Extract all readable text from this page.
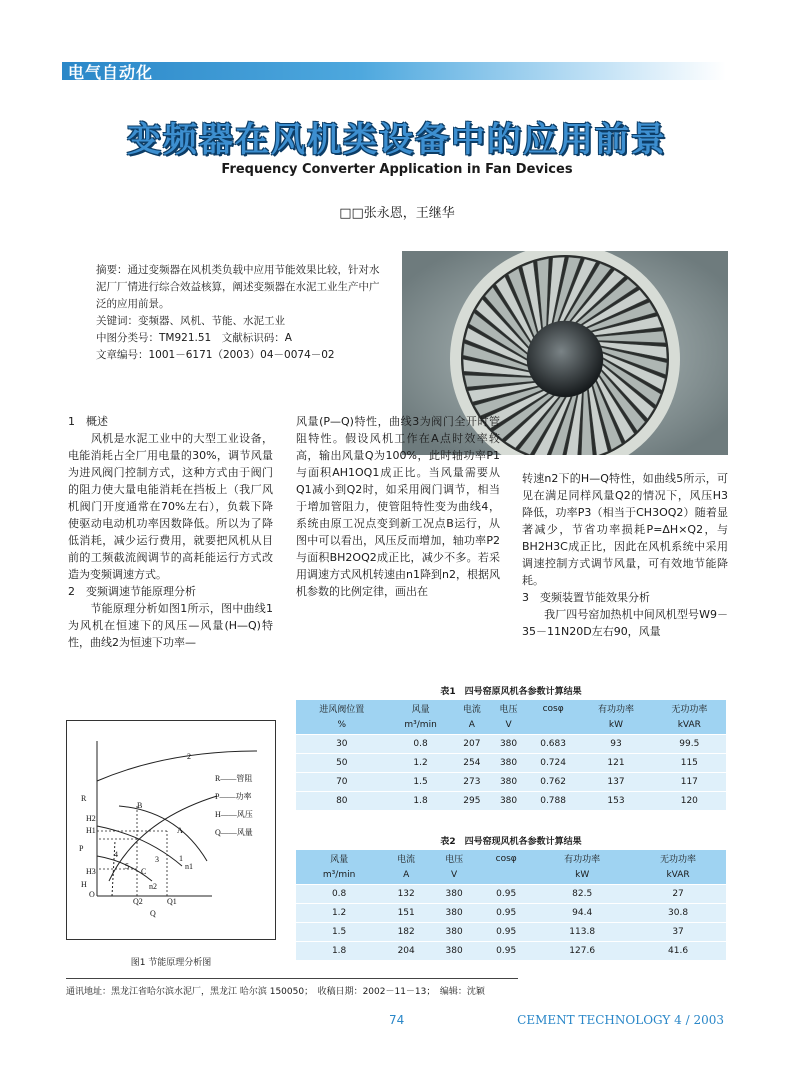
电气自动化
变频器在风机类设备中的应用前景
Frequency Converter Application in Fan Devices
□□张永恩，王继华

摘要：通过变频器在风机类负载中应用节能效果比较，针对水泥厂厂情进行综合效益核算，阐述变频器在水泥工业生产中广泛的应用前景。

关键词：变频器、风机、节能、水泥工业

中图分类号：TM921.51　文献标识码：A

文章编号：1001－6171（2003）04－0074－02

1　概述

　　风机是水泥工业中的大型工业设备，电能消耗占全厂用电量的30%，调节风量为进风阀门控制方式，这种方式由于阀门的阻力使大量电能消耗在挡板上（我厂风机阀门开度通常在70%左右），负载下降使驱动电动机功率因数降低。所以为了降低消耗，减少运行费用，就要把风机从目前的工频截流阀调节的高耗能运行方式改造为变频调速方式。

2　变频调速节能原理分析

　　节能原理分析如图1所示，图中曲线1为风机在恒速下的风压—风量(H—Q)特性，曲线2为恒速下功率—

风量(P—Q)特性，曲线3为阀门全开时管阻特性。假设风机工作在A点时效率较高，输出风量Q为100%，此时轴功率P1与面积AH1OQ1成正比。当风量需要从Q1减小到Q2时，如采用阀门调节，相当于增加管阻力，使管阻特性变为曲线4，系统由原工况点变到新工况点B运行，从图中可以看出，风压反而增加，轴功率P2与面积BH2OQ2成正比，减少不多。若采用调速方式风机转速由n1降到n2，根据风机参数的比例定律，画出在

转速n2下的H—Q特性，如曲线5所示，可见在满足同样风量Q2的情况下，风压H3降低，功率P3（相当于CH3OQ2）随着显著减少，节省功率损耗P=ΔH×Q2，与BH2H3C成正比，因此在风机系统中采用调速控制方式调节风量，可有效地节能降耗。

3　变频装置节能效果分析

　　我厂四号窑加热机中间风机型号W9－35－11N20D左右90，风量

表1　四号窑原风机各参数计算结果
进风阀位置	风量	电流	电压	cosφ	有功功率	无功功率
%	m³/min	A	V		kW	kVAR
30	0.8	207	380	0.683	93	99.5
50	1.2	254	380	0.724	121	115
70	1.5	273	380	0.762	137	117
80	1.8	295	380	0.788	153	120
表2　四号窑现风机各参数计算结果
风量	电流	电压	cosφ	有功功率	无功功率
m³/min	A	V		kW	kVAR
0.8	132	380	0.95	82.5	27
1.2	151	380	0.95	94.4	30.8
1.5	182	380	0.95	113.8	37
1.8	204	380	0.95	127.6	41.6
2
1
3
4
5
A
B
C
R
P
H
H2
H1
H3
O
Q2	Q1
Q
n1
n2
R——管阻
P——功率
H——风压
Q——风量
图1 节能原理分析图
通讯地址：黑龙江省哈尔滨水泥厂，黑龙江 哈尔滨 150050；　收稿日期：2002－11－13；　编辑：沈颖
74	CEMENT TECHNOLOGY 4 / 2003
